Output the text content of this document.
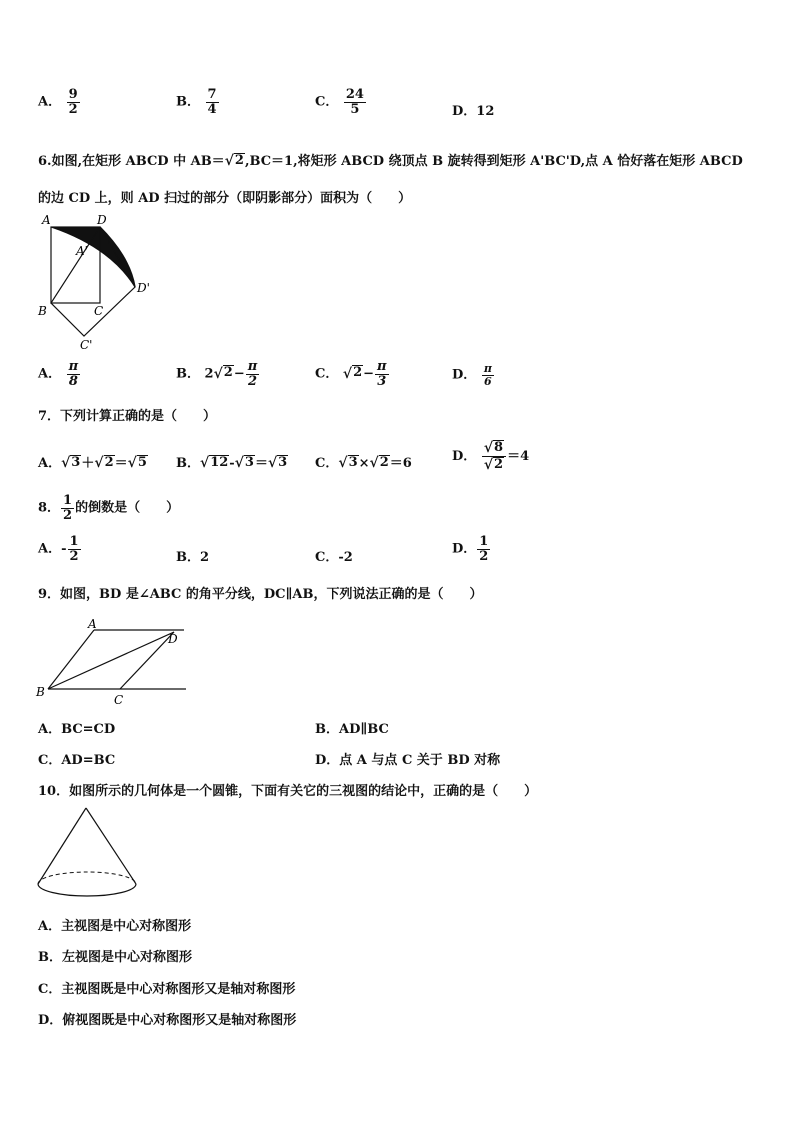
A． $\frac{9}{2}$	B． $\frac{7}{4}$	C． $\frac{24}{5}$	D．12
6.如图,在矩形 ABCD 中 AB＝ √ 2 ,BC＝1,将矩形 ABCD 绕顶点 B 旋转得到矩形 A'BC'D,点 A 恰好落在矩形 ABCD
的边 CD 上，则 AD 扫过的部分（即阴影部分）面积为（　　）
A	D
A'
D'
B	C
C'
A． $\frac{\pi}{8}$	B． 2 √ $2 - \frac{\pi}{2}$	C． √ $2 - \frac{\pi}{3}$	D． $\frac{\pi}{6}$
7．下列计算正确的是（　　）
A． √ 3 ＋ √ 2 ＝ √ 5 B． √ 12 - √ 3 ＝ √ 3 C． √ 3 × √ 2 ＝6	D． $\frac{√ 8}{√ 2} =4$
8． $\frac{1}{2}$ 的倒数是（　　）
A．- $\frac{1}{2}$	B．2	C．-2
D． $\frac{1}{2}$
9．如图，BD 是∠ABC 的角平分线，DC∥AB，下列说法正确的是（　　）
A
D
B
C
A．BC=CD	B．AD∥BC
C．AD=BC	D．点 A 与点 C 关于 BD 对称
10．如图所示的几何体是一个圆锥，下面有关它的三视图的结论中，正确的是（　　）
A．主视图是中心对称图形
B．左视图是中心对称图形
C．主视图既是中心对称图形又是轴对称图形
D．俯视图既是中心对称图形又是轴对称图形
